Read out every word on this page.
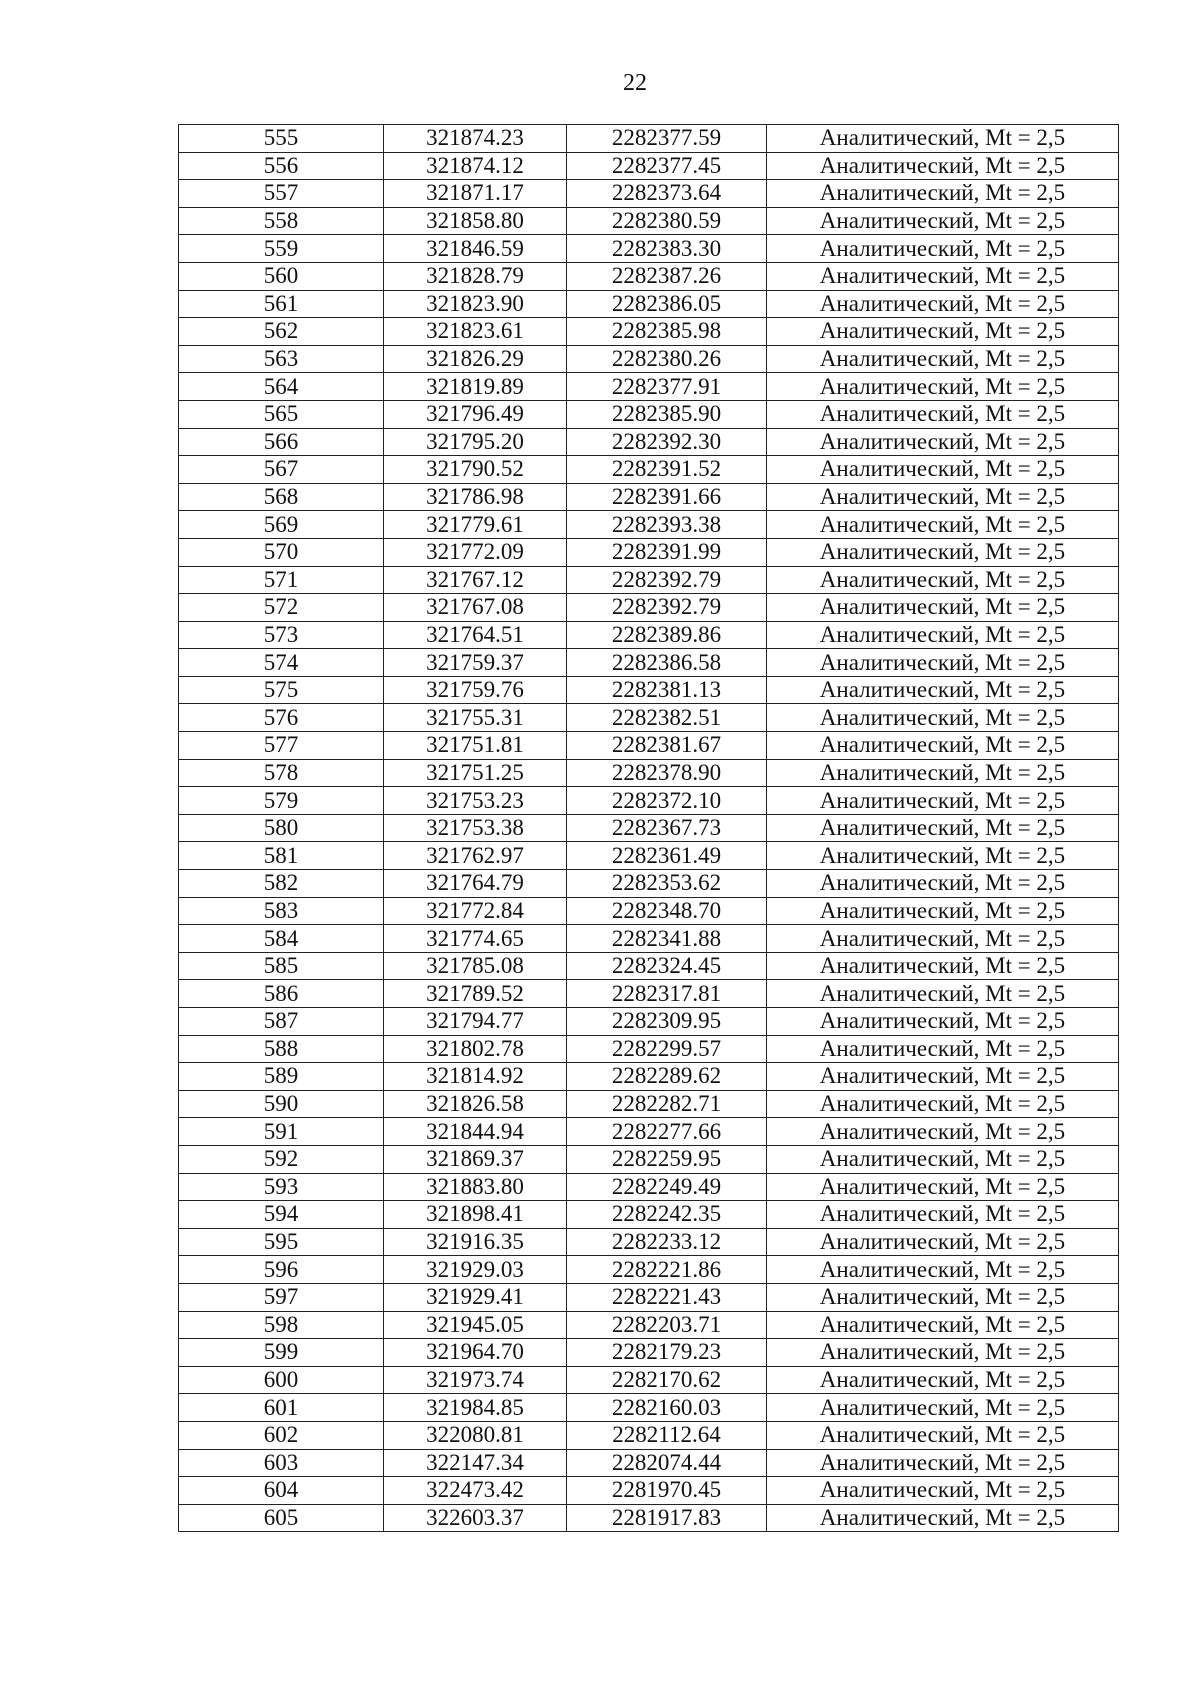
22
555	321874.23	2282377.59	Аналитический, Mt = 2,5
556	321874.12	2282377.45	Аналитический, Mt = 2,5
557	321871.17	2282373.64	Аналитический, Mt = 2,5
558	321858.80	2282380.59	Аналитический, Mt = 2,5
559	321846.59	2282383.30	Аналитический, Mt = 2,5
560	321828.79	2282387.26	Аналитический, Mt = 2,5
561	321823.90	2282386.05	Аналитический, Mt = 2,5
562	321823.61	2282385.98	Аналитический, Mt = 2,5
563	321826.29	2282380.26	Аналитический, Mt = 2,5
564	321819.89	2282377.91	Аналитический, Mt = 2,5
565	321796.49	2282385.90	Аналитический, Mt = 2,5
566	321795.20	2282392.30	Аналитический, Mt = 2,5
567	321790.52	2282391.52	Аналитический, Mt = 2,5
568	321786.98	2282391.66	Аналитический, Mt = 2,5
569	321779.61	2282393.38	Аналитический, Mt = 2,5
570	321772.09	2282391.99	Аналитический, Mt = 2,5
571	321767.12	2282392.79	Аналитический, Mt = 2,5
572	321767.08	2282392.79	Аналитический, Mt = 2,5
573	321764.51	2282389.86	Аналитический, Mt = 2,5
574	321759.37	2282386.58	Аналитический, Mt = 2,5
575	321759.76	2282381.13	Аналитический, Mt = 2,5
576	321755.31	2282382.51	Аналитический, Mt = 2,5
577	321751.81	2282381.67	Аналитический, Mt = 2,5
578	321751.25	2282378.90	Аналитический, Mt = 2,5
579	321753.23	2282372.10	Аналитический, Mt = 2,5
580	321753.38	2282367.73	Аналитический, Mt = 2,5
581	321762.97	2282361.49	Аналитический, Mt = 2,5
582	321764.79	2282353.62	Аналитический, Mt = 2,5
583	321772.84	2282348.70	Аналитический, Mt = 2,5
584	321774.65	2282341.88	Аналитический, Mt = 2,5
585	321785.08	2282324.45	Аналитический, Mt = 2,5
586	321789.52	2282317.81	Аналитический, Mt = 2,5
587	321794.77	2282309.95	Аналитический, Mt = 2,5
588	321802.78	2282299.57	Аналитический, Mt = 2,5
589	321814.92	2282289.62	Аналитический, Mt = 2,5
590	321826.58	2282282.71	Аналитический, Mt = 2,5
591	321844.94	2282277.66	Аналитический, Mt = 2,5
592	321869.37	2282259.95	Аналитический, Mt = 2,5
593	321883.80	2282249.49	Аналитический, Mt = 2,5
594	321898.41	2282242.35	Аналитический, Mt = 2,5
595	321916.35	2282233.12	Аналитический, Mt = 2,5
596	321929.03	2282221.86	Аналитический, Mt = 2,5
597	321929.41	2282221.43	Аналитический, Mt = 2,5
598	321945.05	2282203.71	Аналитический, Mt = 2,5
599	321964.70	2282179.23	Аналитический, Mt = 2,5
600	321973.74	2282170.62	Аналитический, Mt = 2,5
601	321984.85	2282160.03	Аналитический, Mt = 2,5
602	322080.81	2282112.64	Аналитический, Mt = 2,5
603	322147.34	2282074.44	Аналитический, Mt = 2,5
604	322473.42	2281970.45	Аналитический, Mt = 2,5
605	322603.37	2281917.83	Аналитический, Mt = 2,5
